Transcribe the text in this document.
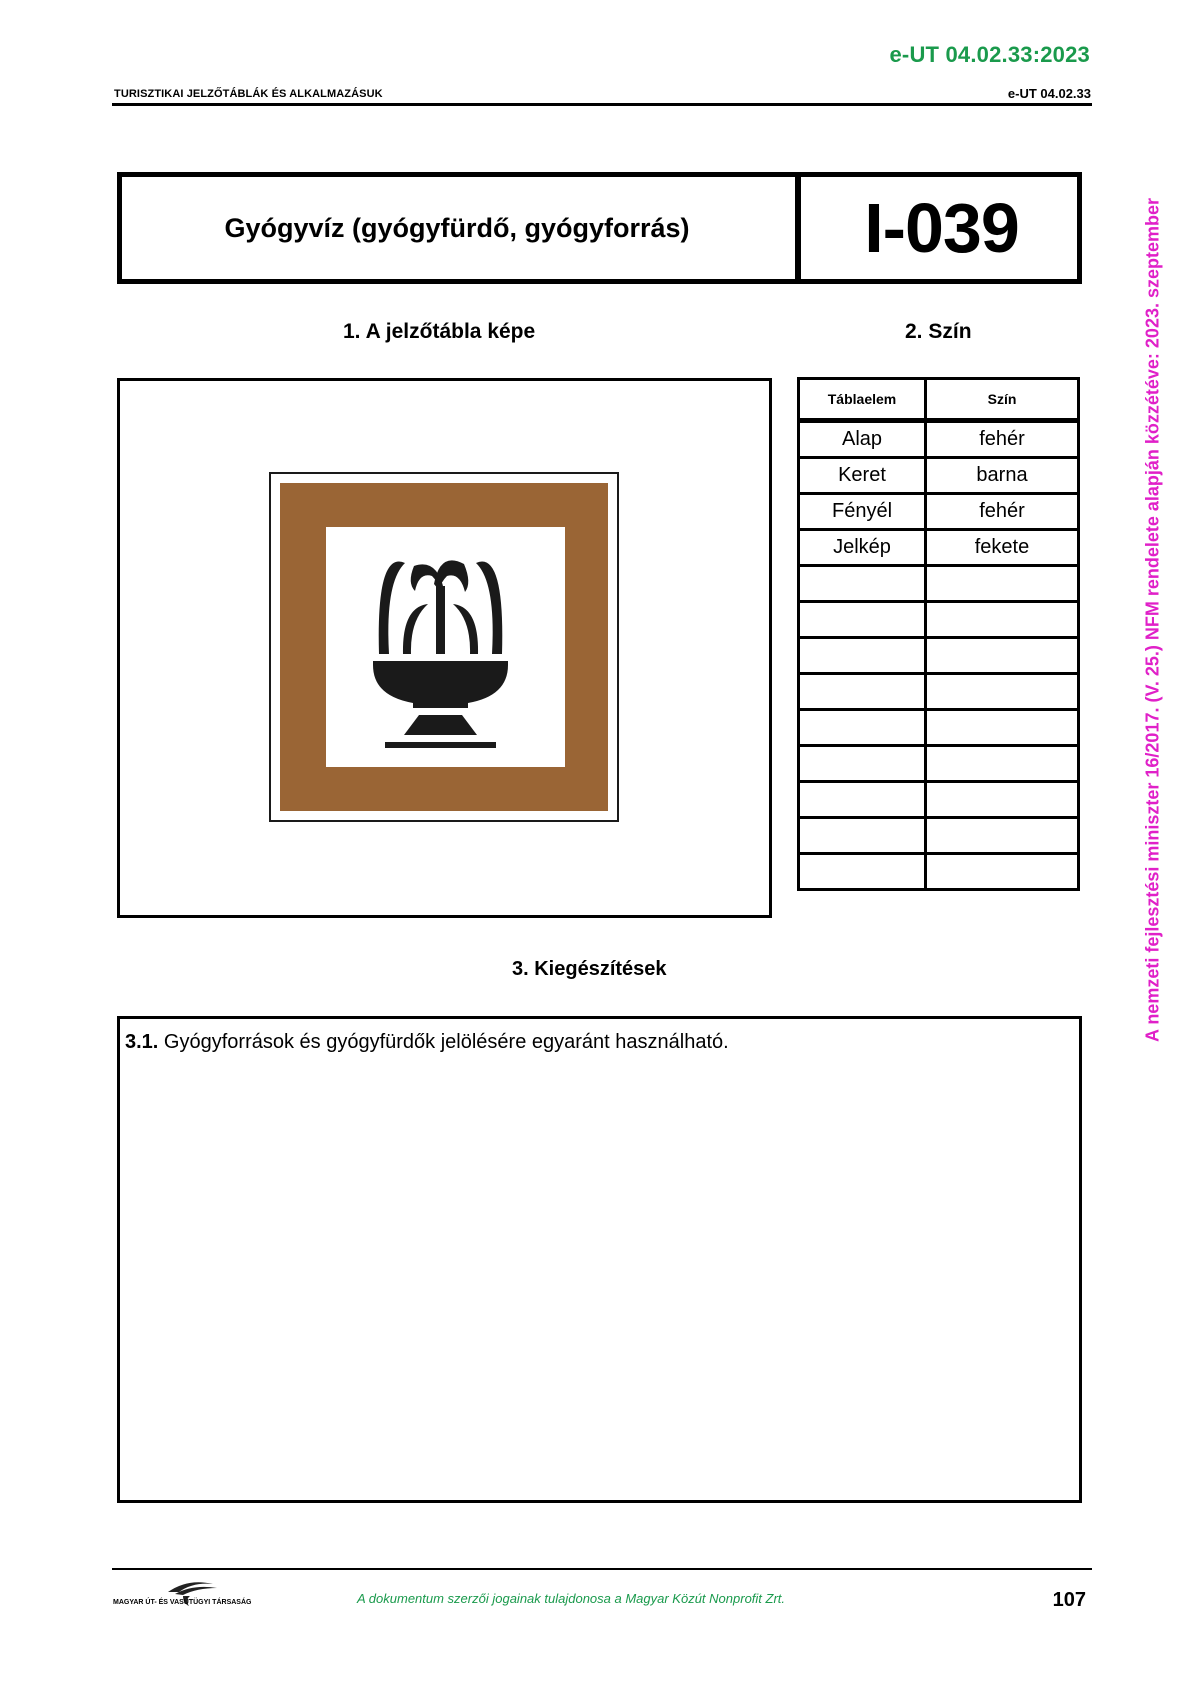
e-UT 04.02.33:2023
TURISZTIKAI JELZŐTÁBLÁK ÉS ALKALMAZÁSUK	e-UT 04.02.33
Gyógyvíz (gyógyfürdő, gyógyforrás)	I-039
1. A jelzőtábla képe	2. Szín
Táblaelem	Szín
Alap	fehér
Keret	barna
Fényél	fehér
Jelkép	fekete

3. Kiegészítések
3.1. Gyógyforrások és gyógyfürdők jelölésére egyaránt használható.
MAGYAR ÚT- ÉS VASÚTÜGYI TÁRSASÁG	A dokumentum szerzői jogainak tulajdonosa a Magyar Közút Nonprofit Zrt.	107
A nemzeti fejlesztési miniszter 16/2017. (V. 25.) NFM rendelete alapján közzétéve: 2023. szeptember
